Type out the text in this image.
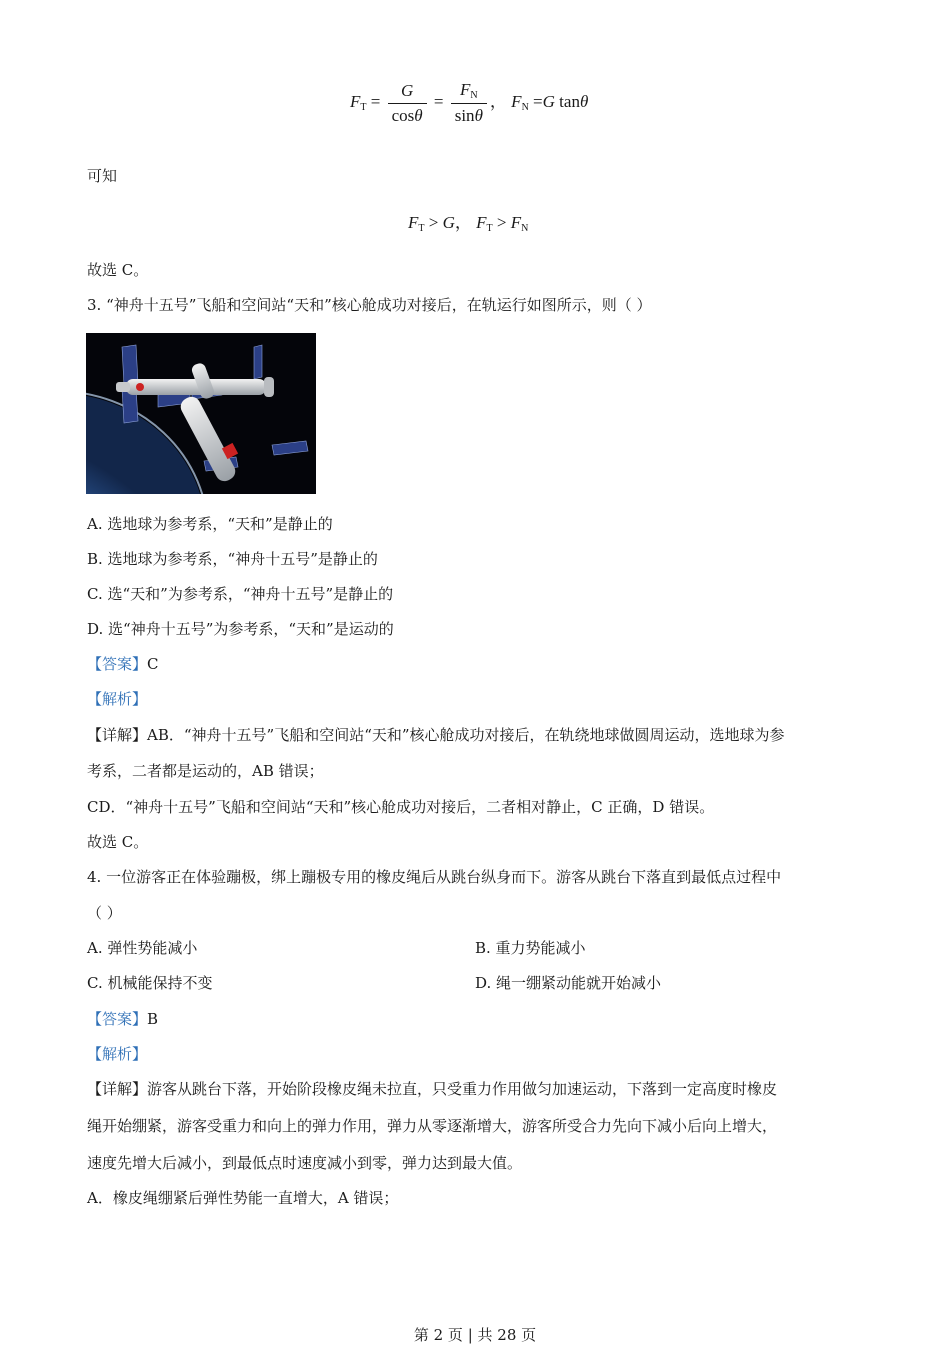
$F_T = \frac{G}{\cos\theta} = \frac{F_N}{\sin\theta}$ ， $F_N =G$ tanθ
可知
$F_T > G$， $F_T > F_N$
故选 C。
3. “神舟十五号”飞船和空间站“天和”核心舱成功对接后，在轨运行如图所示，则（ ）
A. 选地球为参考系，“天和”是静止的
B. 选地球为参考系，“神舟十五号”是静止的
C. 选“天和”为参考系，“神舟十五号”是静止的
D. 选“神舟十五号”为参考系，“天和”是运动的
【答案】C
【解析】
【详解】AB．“神舟十五号”飞船和空间站“天和”核心舱成功对接后，在轨绕地球做圆周运动，选地球为参
考系，二者都是运动的，AB 错误；
CD．“神舟十五号”飞船和空间站“天和”核心舱成功对接后，二者相对静止，C 正确，D 错误。
故选 C。
4. 一位游客正在体验蹦极，绑上蹦极专用的橡皮绳后从跳台纵身而下。游客从跳台下落直到最低点过程中
（ ）
A. 弹性势能减小	B. 重力势能减小
C. 机械能保持不变	D. 绳一绷紧动能就开始减小
【答案】B
【解析】
【详解】游客从跳台下落，开始阶段橡皮绳未拉直，只受重力作用做匀加速运动，下落到一定高度时橡皮
绳开始绷紧，游客受重力和向上的弹力作用，弹力从零逐渐增大，游客所受合力先向下减小后向上增大，
速度先增大后减小，到最低点时速度减小到零，弹力达到最大值。
A．橡皮绳绷紧后弹性势能一直增大，A 错误；
第 2 页 | 共 28 页
